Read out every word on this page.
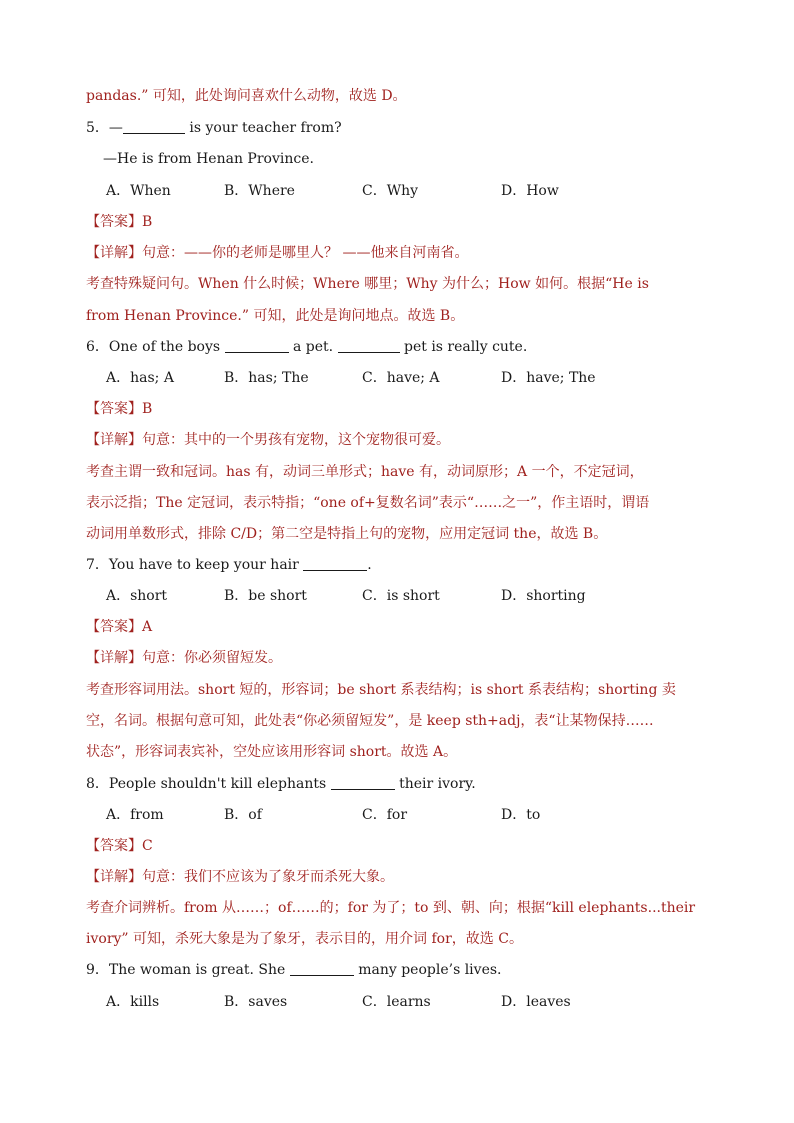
pandas.” 可知，此处询问喜欢什么动物，故选 D。
5．—	is your teacher from?
—He is from Henan Province.
A．When	B．Where	C．Why	D．How
【答案】B
【详解】句意：——你的老师是哪里人？ ——他来自河南省。
考查特殊疑问句。When 什么时候；Where 哪里；Why 为什么；How 如何。根据“He is
from Henan Province.” 可知，此处是询问地点。故选 B。
6．One of the boys	a pet.	pet is really cute.
A．has; A	B．has; The	C．have; A	D．have; The
【答案】B
【详解】句意：其中的一个男孩有宠物，这个宠物很可爱。
考查主谓一致和冠词。has 有，动词三单形式；have 有，动词原形；A 一个，不定冠词，
表示泛指；The 定冠词，表示特指；“one of+复数名词”表示“……之一”，作主语时，谓语
动词用单数形式，排除 C/D；第二空是特指上句的宠物，应用定冠词 the，故选 B。
7．You have to keep your hair	.
A．short	B．be short	C．is short	D．shorting
【答案】A
【详解】句意：你必须留短发。
考查形容词用法。short 短的，形容词；be short 系表结构；is short 系表结构；shorting 卖
空，名词。根据句意可知，此处表“你必须留短发”，是 keep sth+adj，表“让某物保持……
状态”，形容词表宾补，空处应该用形容词 short。故选 A。
8．People shouldn't kill elephants	their ivory.
A．from	B．of	C．for	D．to
【答案】C
【详解】句意：我们不应该为了象牙而杀死大象。
考查介词辨析。from 从……；of……的；for 为了；to 到、朝、向；根据“kill elephants...their
ivory” 可知，杀死大象是为了象牙，表示目的，用介词 for，故选 C。
9．The woman is great. She	many people’s lives.
A．kills	B．saves	C．learns	D．leaves
